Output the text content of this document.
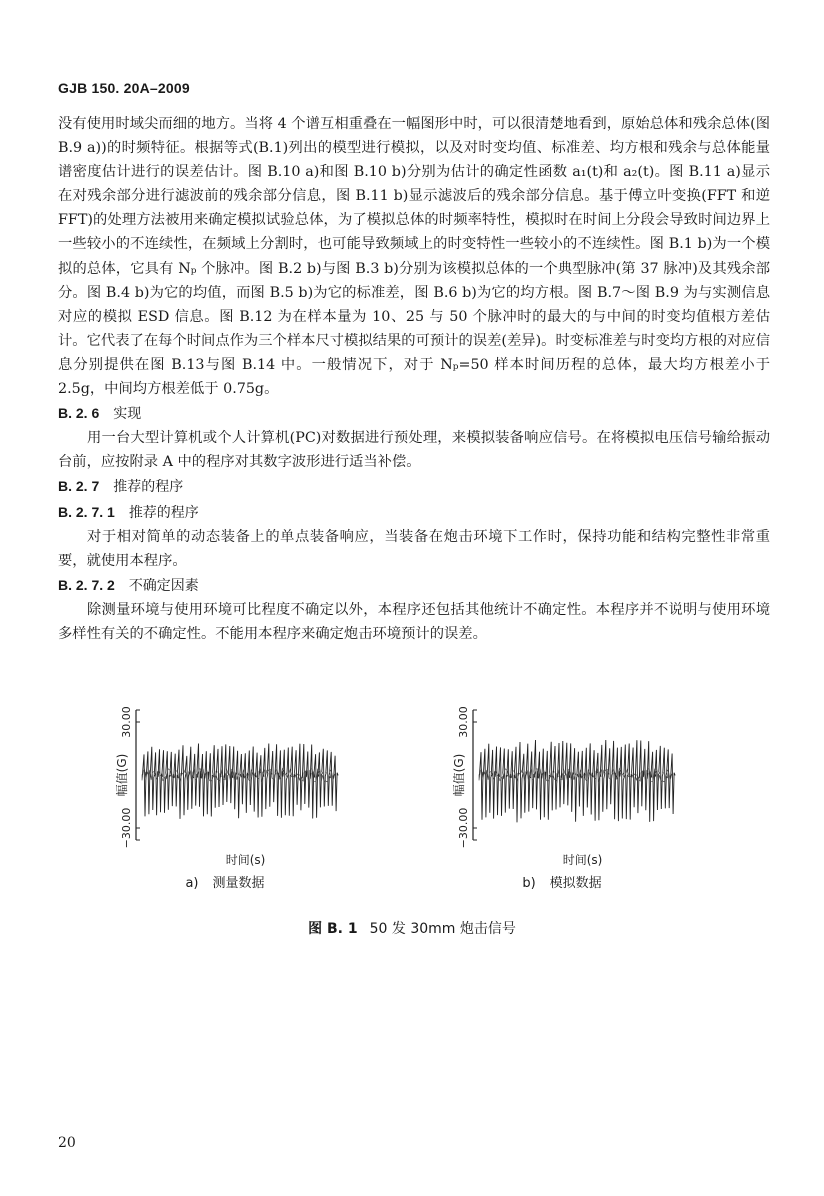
GJB 150. 20A–2009

没有使用时域尖而细的地方。当将 4 个谱互相重叠在一幅图形中时，可以很清楚地看到，原始总体和残余总体(图 B.9 a))的时频特征。根据等式(B.1)列出的模型进行模拟，以及对时变均值、标准差、均方根和残余与总体能量谱密度估计进行的误差估计。图 B.10 a)和图 B.10 b)分别为估计的确定性函数 a₁(t)和 a₂(t)。图 B.11 a)显示在对残余部分进行滤波前的残余部分信息，图 B.11 b)显示滤波后的残余部分信息。基于傅立叶变换(FFT 和逆 FFT)的处理方法被用来确定模拟试验总体，为了模拟总体的时频率特性，模拟时在时间上分段会导致时间边界上一些较小的不连续性，在频域上分割时，也可能导致频域上的时变特性一些较小的不连续性。图 B.1 b)为一个模拟的总体，它具有 Nₚ 个脉冲。图 B.2 b)与图 B.3 b)分别为该模拟总体的一个典型脉冲(第 37 脉冲)及其残余部分。图 B.4 b)为它的均值，而图 B.5 b)为它的标准差，图 B.6 b)为它的均方根。图 B.7～图 B.9 为与实测信息对应的模拟 ESD 信息。图 B.12 为在样本量为 10、25 与 50 个脉冲时的最大的与中间的时变均值根方差估计。它代表了在每个时间点作为三个样本尺寸模拟结果的可预计的误差(差异)。时变标准差与时变均方根的对应信息分别提供在图 B.13与图 B.14 中。一般情况下，对于 Nₚ=50 样本时间历程的总体，最大均方根差小于 2.5g，中间均方根差低于 0.75g。

B. 2. 6 实现

用一台大型计算机或个人计算机(PC)对数据进行预处理，来模拟装备响应信号。在将模拟电压信号输给振动台前，应按附录 A 中的程序对其数字波形进行适当补偿。

B. 2. 7 推荐的程序
B. 2. 7. 1 推荐的程序

对于相对简单的动态装备上的单点装备响应，当装备在炮击环境下工作时，保持功能和结构完整性非常重要，就使用本程序。

B. 2. 7. 2 不确定因素

除测量环境与使用环境可比程度不确定以外，本程序还包括其他统计不确定性。本程序并不说明与使用环境多样性有关的不确定性。不能用本程序来确定炮击环境预计的误差。

30.00
−30.00
幅值(G)
时间(s)
a) 测量数据
30.00
−30.00
幅值(G)
时间(s)
b) 模拟数据
图 B. 1 50 发 30mm 炮击信号
20
